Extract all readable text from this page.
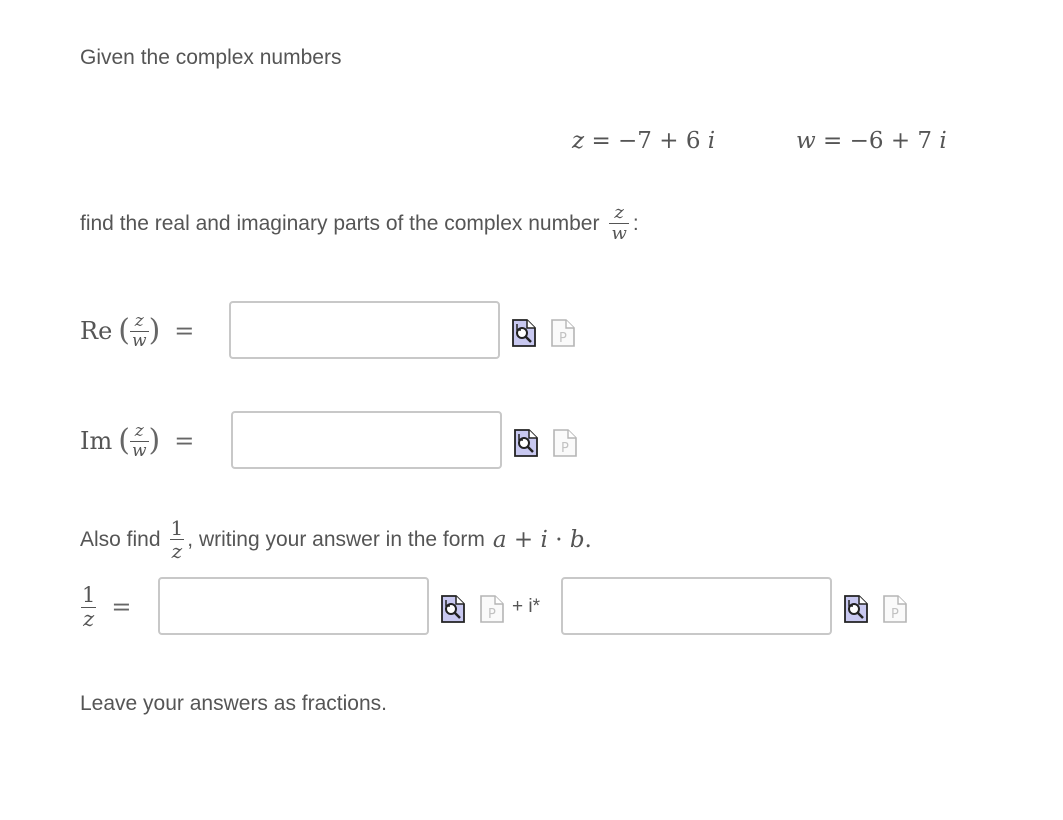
Given the complex numbers
z = −7 + 6 i	w = −6 + 7 i
find the real and imaginary parts of the complex number $\frac{z}{w}$ :
Re ( $\frac{z}{w}$ ) =	P
Im ( $\frac{z}{w}$ ) =	P
Also find $\frac{1}{z}$ , writing your answer in the form a + i · b.
$\frac{1}{z}$ =	P + i*	P
Leave your answers as fractions.
